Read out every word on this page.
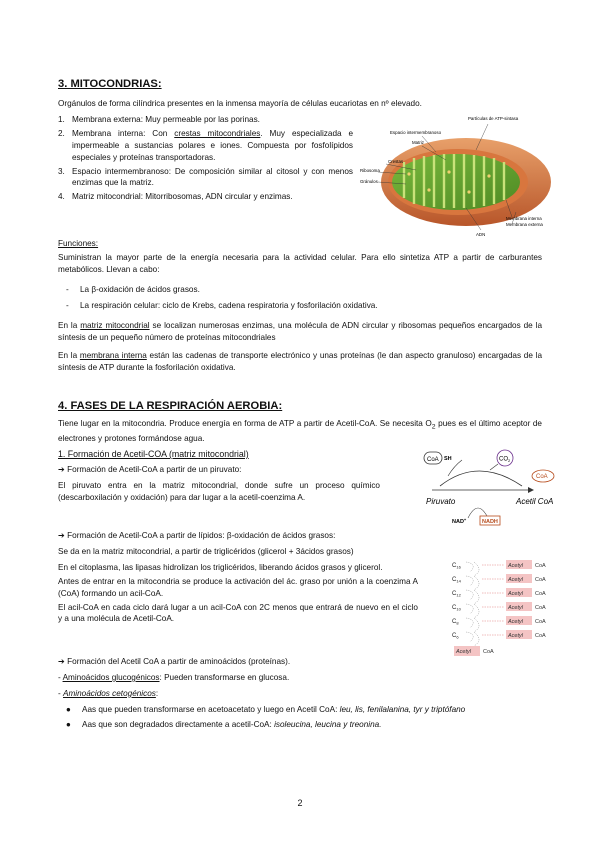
3. MITOCONDRIAS:
Orgánulos de forma cilíndrica presentes en la inmensa mayoría de células eucariotas en nº elevado.
1. Membrana externa: Muy permeable por las porinas.
2. Membrana interna: Con crestas mitocondriales. Muy especializada e impermeable a sustancias polares e iones. Compuesta por fosfolípidos especiales y proteínas transportadoras.
3. Espacio intermembranoso: De composición similar al citosol y con menos enzimas que la matriz.
4. Matriz mitocondrial: Mitorribosomas, ADN circular y enzimas.
Partículas de ATP-sintasa
Espacio intermembranoso
Matriz
Crestas
Ribosoma
Gránulos
Membrana interna
Membrana externa
ADN
Funciones:
Suministran la mayor parte de la energía necesaria para la actividad celular. Para ello sintetiza ATP a partir de carburantes metabólicos. Llevan a cabo:
- La β-oxidación de ácidos grasos.
- La respiración celular: ciclo de Krebs, cadena respiratoria y fosforilación oxidativa.
En la matriz mitocondrial se localizan numerosas enzimas, una molécula de ADN circular y ribosomas pequeños encargados de la síntesis de un pequeño número de proteínas mitocondriales
En la membrana interna están las cadenas de transporte electrónico y unas proteínas (le dan aspecto granuloso) encargadas de la síntesis de ATP durante la fosforilación oxidativa.
4. FASES DE LA RESPIRACIÓN AEROBIA:
Tiene lugar en la mitocondria. Produce energía en forma de ATP a partir de Acetil-CoA. Se necesita $O_2$ pues es el último aceptor de electrones y protones formándose agua.
1. Formación de Acetil-COA (matriz mitocondrial)
➔ Formación de Acetil-CoA a partir de un piruvato:
El piruvato entra en la matriz mitocondrial, donde sufre un proceso químico (descarboxilación y oxidación) para dar lugar a la acetil-coenzima A.
CoA SH	$CO_2$
CoA
Piruvato	Acetil CoA
NAD+	NADH
➔ Formación de Acetil-CoA a partir de lípidos: β-oxidación de ácidos grasos:
Se da en la matriz mitocondrial, a partir de triglicéridos (glicerol + 3ácidos grasos)
En el citoplasma, las lipasas hidrolizan los triglicéridos, liberando ácidos grasos y glicerol.
Antes de entrar en la mitocondria se produce la activación del ác. graso por unión a la coenzima A (CoA) formando un acil-CoA.
El acil-CoA en cada ciclo dará lugar a un acil-CoA con 2C menos que entrará de nuevo en el ciclo y a una molécula de Acetil-CoA.
$C_{16}$
$C_{14}$
$C_{12}$
$C_{10}$
$C_8$
$C_6$
Acetyl
Acetyl
Acetyl
Acetyl
Acetyl
Acetyl
Acetyl
CoA
CoA
CoA
CoA
CoA
CoA
CoA
➔ Formación del Acetil CoA a partir de aminoácidos (proteínas).
- Aminoácidos glucogénicos: Pueden transformarse en glucosa.
- Aminoácidos cetogénicos:
● Aas que pueden transformarse en acetoacetato y luego en Acetil CoA: leu, lis, fenilalanina, tyr y triptófano
● Aas que son degradados directamente a acetil-CoA: isoleucina, leucina y treonina.
2
